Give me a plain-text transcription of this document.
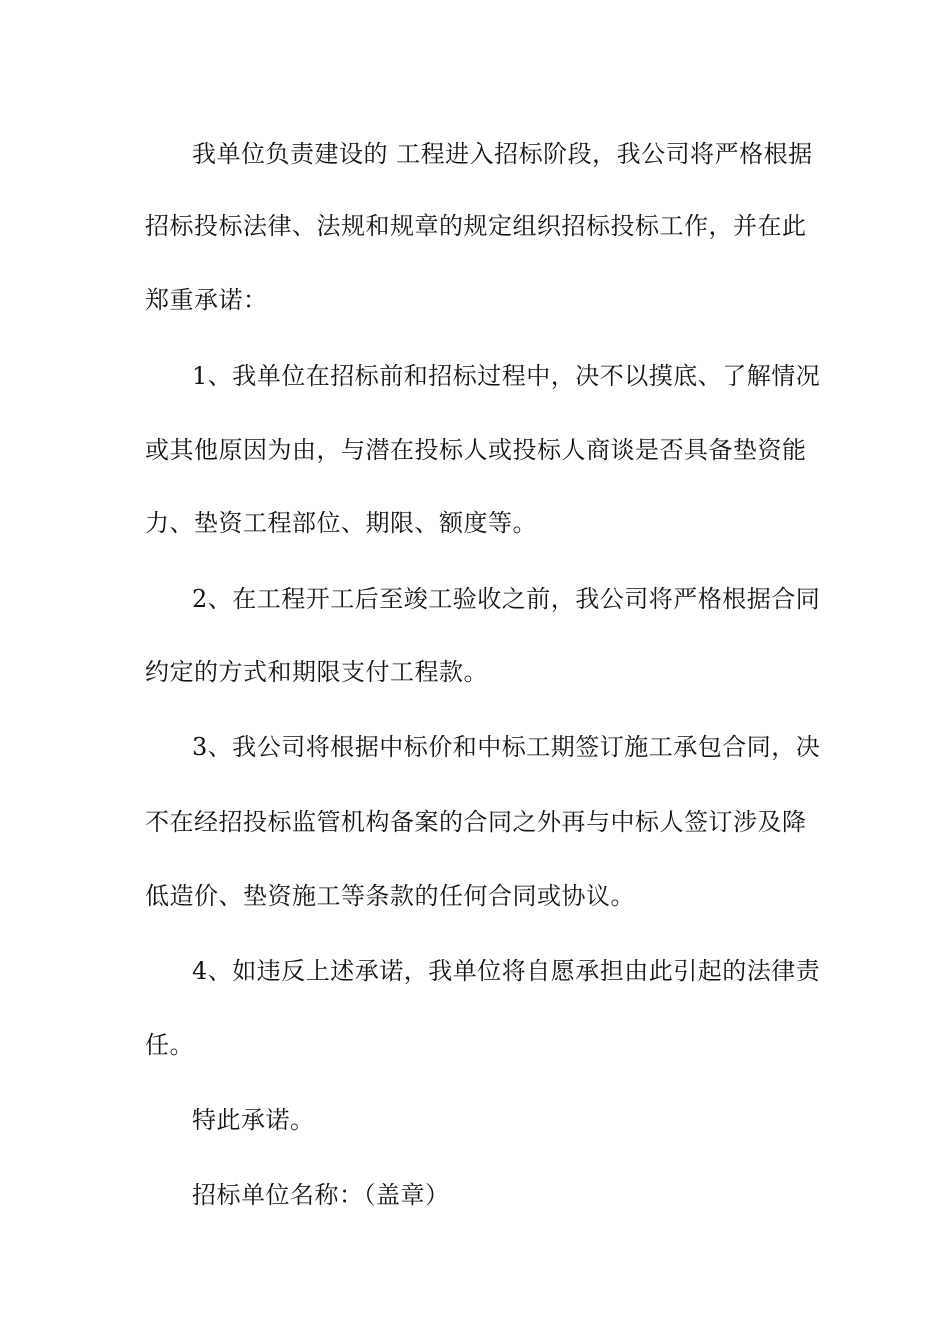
我单位负责建设的 工程进入招标阶段，我公司将严格根据
招标投标法律、法规和规章的规定组织招标投标工作，并在此
郑重承诺：
1、我单位在招标前和招标过程中，决不以摸底、了解情况
或其他原因为由，与潜在投标人或投标人商谈是否具备垫资能
力、垫资工程部位、期限、额度等。
2、在工程开工后至竣工验收之前，我公司将严格根据合同
约定的方式和期限支付工程款。
3、我公司将根据中标价和中标工期签订施工承包合同，决
不在经招投标监管机构备案的合同之外再与中标人签订涉及降
低造价、垫资施工等条款的任何合同或协议。
4、如违反上述承诺，我单位将自愿承担由此引起的法律责
任。
特此承诺。
招标单位名称：（盖章）
